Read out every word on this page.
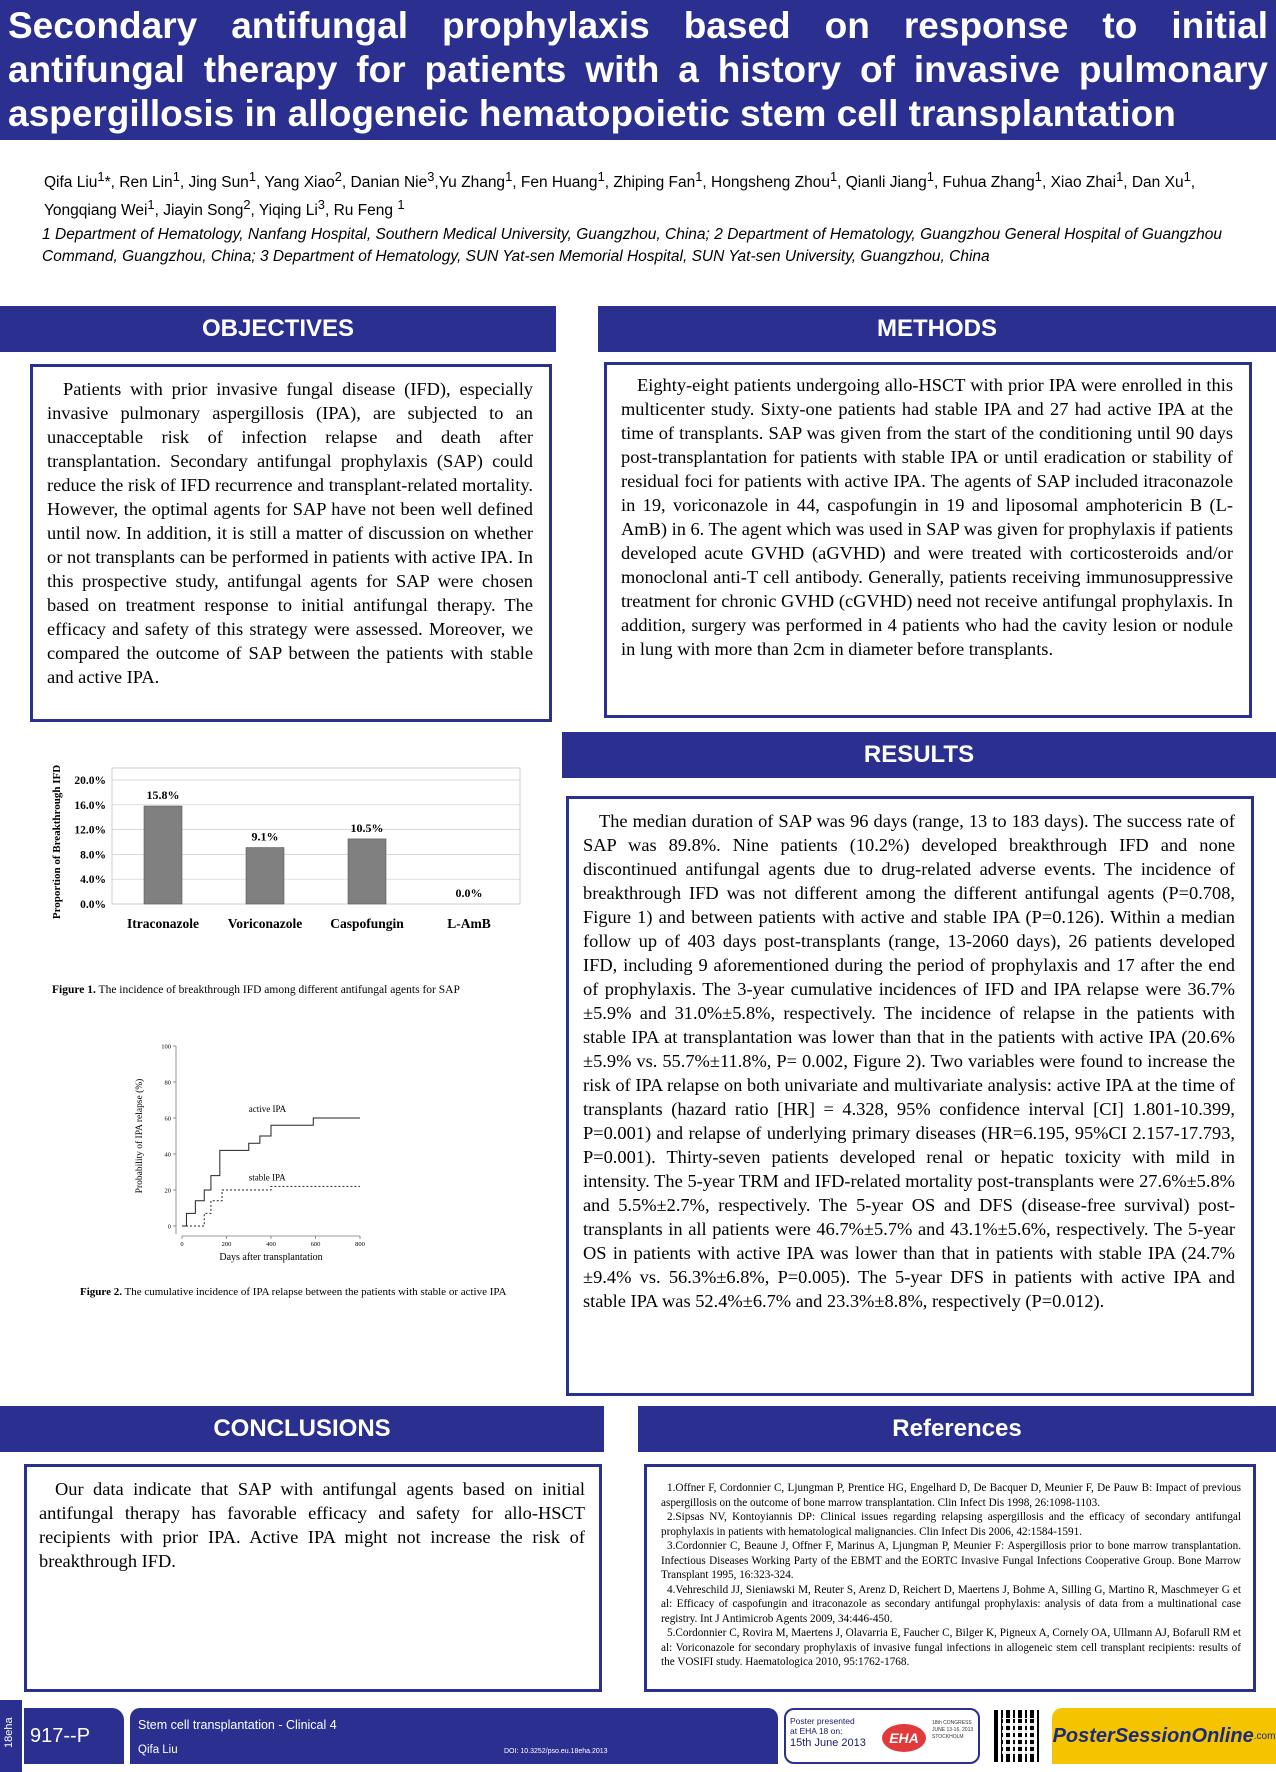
Secondary antifungal prophylaxis based on response to initial antifungal therapy for patients with a history of invasive pulmonary aspergillosis in allogeneic hematopoietic stem cell transplantation
Qifa Liu$^1$*, Ren Lin$^1$, Jing Sun$^1$, Yang Xiao$^2$, Danian Nie$^3$,Yu Zhang$^1$, Fen Huang$^1$, Zhiping Fan$^1$, Hongsheng Zhou$^1$, Qianli Jiang$^1$, Fuhua Zhang$^1$, Xiao Zhai$^1$, Dan Xu$^1$, Yongqiang Wei$^1$, Jiayin Song$^2$, Yiqing Li$^3$, Ru Feng $^1$
1 Department of Hematology, Nanfang Hospital, Southern Medical University, Guangzhou, China; 2 Department of Hematology, Guangzhou General Hospital of Guangzhou Command, Guangzhou, China; 3 Department of Hematology, SUN Yat-sen Memorial Hospital, SUN Yat-sen University, Guangzhou, China
OBJECTIVES

Patients with prior invasive fungal disease (IFD), especially invasive pulmonary aspergillosis (IPA), are subjected to an unacceptable risk of infection relapse and death after transplantation. Secondary antifungal prophylaxis (SAP) could reduce the risk of IFD recurrence and transplant-related mortality. However, the optimal agents for SAP have not been well defined until now. In addition, it is still a matter of discussion on whether or not transplants can be performed in patients with active IPA. In this prospective study, antifungal agents for SAP were chosen based on treatment response to initial antifungal therapy. The efficacy and safety of this strategy were assessed. Moreover, we compared the outcome of SAP between the patients with stable and active IPA.

METHODS

Eighty-eight patients undergoing allo-HSCT with prior IPA were enrolled in this multicenter study. Sixty-one patients had stable IPA and 27 had active IPA at the time of transplants. SAP was given from the start of the conditioning until 90 days post-transplantation for patients with stable IPA or until eradication or stability of residual foci for patients with active IPA. The agents of SAP included itraconazole in 19, voriconazole in 44, caspofungin in 19 and liposomal amphotericin B (L-AmB) in 6. The agent which was used in SAP was given for prophylaxis if patients developed acute GVHD (aGVHD) and were treated with corticosteroids and/or monoclonal anti-T cell antibody. Generally, patients receiving immunosuppressive treatment for chronic GVHD (cGVHD) need not receive antifungal prophylaxis. In addition, surgery was performed in 4 patients who had the cavity lesion or nodule in lung with more than 2cm in diameter before transplants.

0.0%
4.0%
8.0%
12.0%
16.0%
20.0%
Proportion of Breakthrough IFD	15.8%
Itraconazole
9.1%
Voriconazole
10.5%
Caspofungin
0.0%
L-AmB
Figure 1. The incidence of breakthrough IFD among different antifungal agents for SAP
0
20
40
60
80
100
0	200	400	600	800
Days after transplantation
Probability of IPA relapse (%)	active IPA
stable IPA
Figure 2. The cumulative incidence of IPA relapse between the patients with stable or active IPA
RESULTS

The median duration of SAP was 96 days (range, 13 to 183 days). The success rate of SAP was 89.8%. Nine patients (10.2%) developed breakthrough IFD and none discontinued antifungal agents due to drug-related adverse events. The incidence of breakthrough IFD was not different among the different antifungal agents (P=0.708, Figure 1) and between patients with active and stable IPA (P=0.126). Within a median follow up of 403 days post-transplants (range, 13-2060 days), 26 patients developed IFD, including 9 aforementioned during the period of prophylaxis and 17 after the end of prophylaxis. The 3-year cumulative incidences of IFD and IPA relapse were 36.7%±5.9% and 31.0%±5.8%, respectively. The incidence of relapse in the patients with stable IPA at transplantation was lower than that in the patients with active IPA (20.6% ±5.9% vs. 55.7%±11.8%, P= 0.002, Figure 2). Two variables were found to increase the risk of IPA relapse on both univariate and multivariate analysis: active IPA at the time of transplants (hazard ratio [HR] = 4.328, 95% confidence interval [CI] 1.801-10.399, P=0.001) and relapse of underlying primary diseases (HR=6.195, 95%CI 2.157-17.793, P=0.001). Thirty-seven patients developed renal or hepatic toxicity with mild in intensity. The 5-year TRM and IFD-related mortality post-transplants were 27.6%±5.8% and 5.5%±2.7%, respectively. The 5-year OS and DFS (disease-free survival) post-transplants in all patients were 46.7%±5.7% and 43.1%±5.6%, respectively. The 5-year OS in patients with active IPA was lower than that in patients with stable IPA (24.7%±9.4% vs. 56.3%±6.8%, P=0.005). The 5-year DFS in patients with active IPA and stable IPA was 52.4%±6.7% and 23.3%±8.8%, respectively (P=0.012).

CONCLUSIONS

Our data indicate that SAP with antifungal agents based on initial antifungal therapy has favorable efficacy and safety for allo-HSCT recipients with prior IPA. Active IPA might not increase the risk of breakthrough IFD.

References

1.Offner F, Cordonnier C, Ljungman P, Prentice HG, Engelhard D, De Bacquer D, Meunier F, De Pauw B: Impact of previous aspergillosis on the outcome of bone marrow transplantation. Clin Infect Dis 1998, 26:1098-1103.

2.Sipsas NV, Kontoyiannis DP: Clinical issues regarding relapsing aspergillosis and the efficacy of secondary antifungal prophylaxis in patients with hematological malignancies. Clin Infect Dis 2006, 42:1584-1591.

3.Cordonnier C, Beaune J, Offner F, Marinus A, Ljungman P, Meunier F: Aspergillosis prior to bone marrow transplantation. Infectious Diseases Working Party of the EBMT and the EORTC Invasive Fungal Infections Cooperative Group. Bone Marrow Transplant 1995, 16:323-324.

4.Vehreschild JJ, Sieniawski M, Reuter S, Arenz D, Reichert D, Maertens J, Bohme A, Silling G, Martino R, Maschmeyer G et al: Efficacy of caspofungin and itraconazole as secondary antifungal prophylaxis: analysis of data from a multinational case registry. Int J Antimicrob Agents 2009, 34:446-450.

5.Cordonnier C, Rovira M, Maertens J, Olavarria E, Faucher C, Bilger K, Pigneux A, Cornely OA, Ullmann AJ, Bofarull RM et al: Voriconazole for secondary prophylaxis of invasive fungal infections in allogeneic stem cell transplant recipients: results of the VOSIFI study. Haematologica 2010, 95:1762-1768.

18eha 917--P	Stem cell transplantation - Clinical 4
Qifa Liu	DOI: 10.3252/pso.eu.18eha.2013
Poster presented
at EHA 18 on:
15th June 2013	EHA
18th CONGRESS
JUNE 13-16, 2013
STOCKHOLM	PosterSessionOnline .com
